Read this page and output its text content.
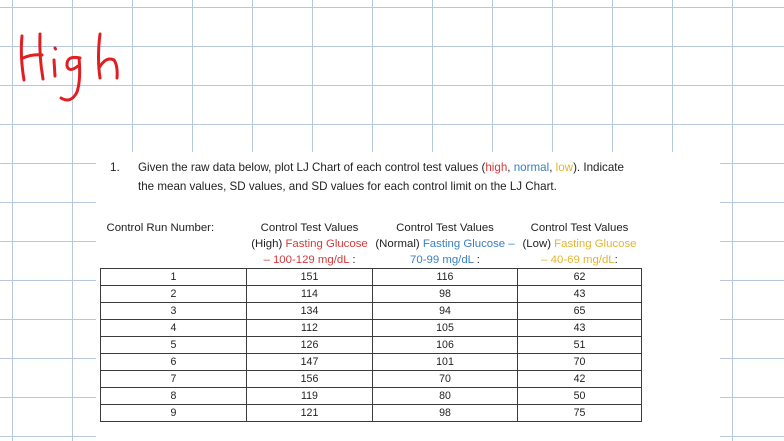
1. Given the raw data below, plot LJ Chart of each control test values (high, normal, low). Indicate the mean values, SD values, and SD values for each control limit on the LJ Chart.
Control Run Number:	Control Test Values (High) Fasting Glucose – 100-129 mg/dL :	Control Test Values (Normal) Fasting Glucose – 70-99 mg/dL :	Control Test Values (Low) Fasting Glucose – 40-69 mg/dL:
1	151	116	62
2	114	98	43
3	134	94	65
4	112	105	43
5	126	106	51
6	147	101	70
7	156	70	42
8	119	80	50
9	121	98	75
